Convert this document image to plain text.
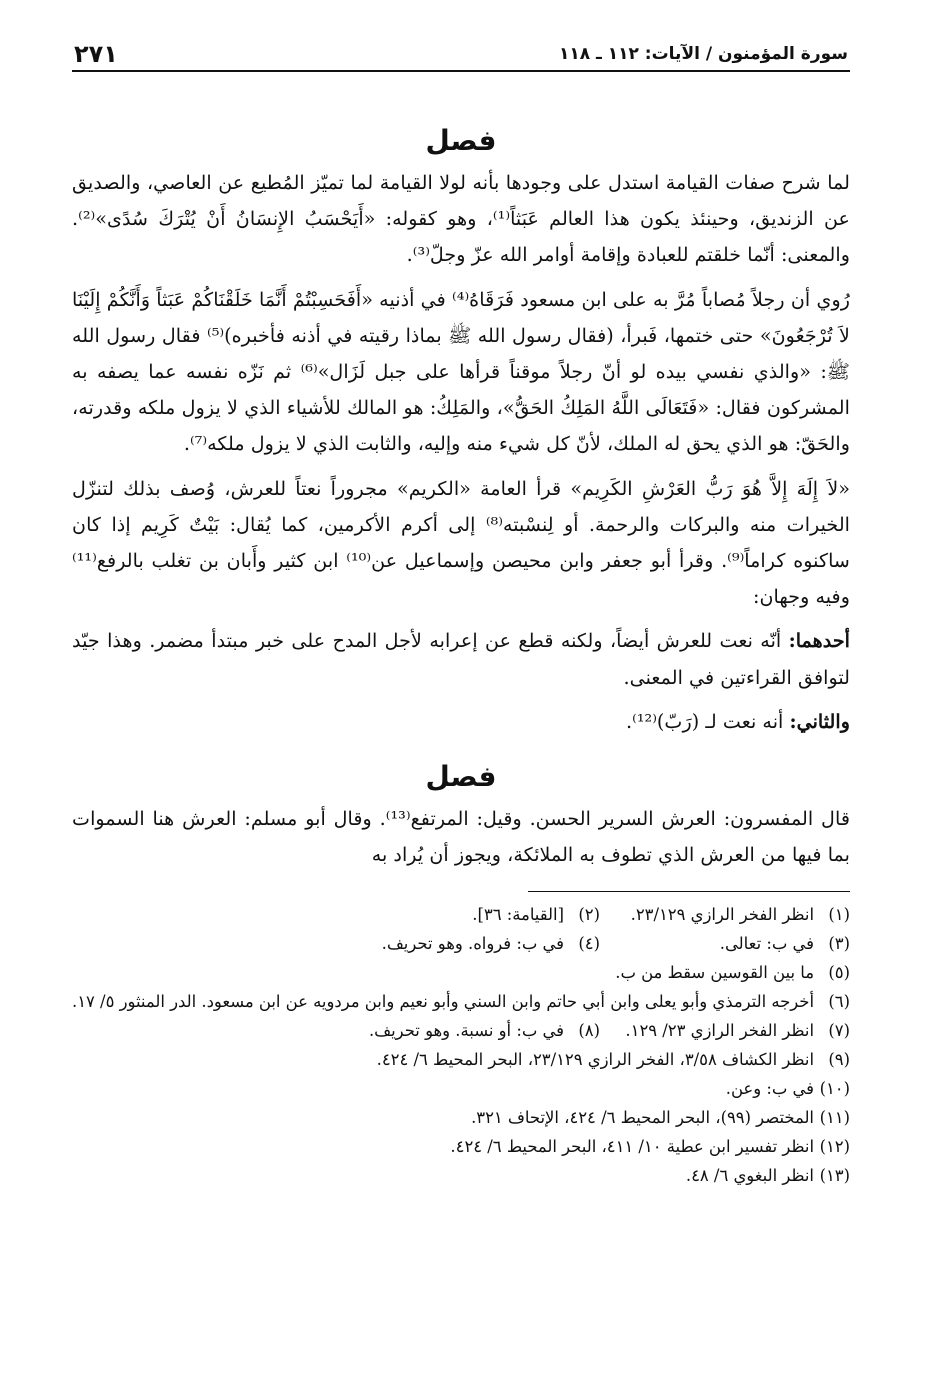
سورة المؤمنون / الآيات: ١١٢ ـ ١١٨
٢٧١
فصل

لما شرح صفات القيامة استدل على وجودها بأنه لولا القيامة لما تميّز المُطيع عن العاصي، والصديق عن الزنديق، وحينئذ يكون هذا العالم عَبَثاً⁽¹⁾، وهو كقوله: «أَيَحْسَبُ الإِنسَانُ أَنْ يُتْرَكَ سُدًى»⁽²⁾. والمعنى: أنّما خلقتم للعبادة وإقامة أوامر الله عزّ وجلّ⁽³⁾.

رُوي أن رجلاً مُصاباً مُرَّ به على ابن مسعود فَرَقَاهُ⁽⁴⁾ في أذنيه «أَفَحَسِبْتُمْ أَنَّمَا خَلَقْنَاكُمْ عَبَثاً وَأَنَّكُمْ إِلَيْنَا لاَ تُرْجَعُونَ» حتى ختمها، فَبرأ، (فقال رسول الله ﷺ بماذا رقيته في أذنه فأخبره)⁽⁵⁾ فقال رسول الله ﷺ: «والذي نفسي بيده لو أنّ رجلاً موقناً قرأها على جبل لَزَال»⁽⁶⁾ ثم نَزّه نفسه عما يصفه به المشركون فقال: «فَتَعَالَى اللَّهُ المَلِكُ الحَقُّ»، والمَلِكُ: هو المالك للأشياء الذي لا يزول ملكه وقدرته، والحَقّ: هو الذي يحق له الملك، لأنّ كل شيء منه وإليه، والثابت الذي لا يزول ملكه⁽⁷⁾.

«لاَ إِلَهَ إِلاَّ هُوَ رَبُّ العَرْشِ الكَرِيم» قرأ العامة «الكريم» مجروراً نعتاً للعرش، وُصف بذلك لتنزّل الخيرات منه والبركات والرحمة. أو لِنسْبته⁽⁸⁾ إلى أكرم الأكرمين، كما يُقال: بَيْتٌ كَرِيم إذا كان ساكنوه كراماً⁽⁹⁾. وقرأ أبو جعفر وابن محيصن وإسماعيل عن⁽¹⁰⁾ ابن كثير وأَبان بن تغلب بالرفع⁽¹¹⁾ وفيه وجهان:

أحدهما: أنّه نعت للعرش أيضاً، ولكنه قطع عن إعرابه لأجل المدح على خبر مبتدأ مضمر. وهذا جيّد لتوافق القراءتين في المعنى.

والثاني: أنه نعت لـ (رَبّ)⁽¹²⁾.

فصل

قال المفسرون: العرش السرير الحسن. وقيل: المرتفع⁽¹³⁾. وقال أبو مسلم: العرش هنا السموات بما فيها من العرش الذي تطوف به الملائكة، ويجوز أن يُراد به

(١)
انظر الفخر الرازي ٢٣/١٢٩.
(٢)
[القيامة: ٣٦].
(٣)
في ب: تعالى.
(٤)
في ب: فرواه. وهو تحريف.
(٥)
ما بين القوسين سقط من ب.
(٦)
أخرجه الترمذي وأبو يعلى وابن أبي حاتم وابن السني وأبو نعيم وابن مردويه عن ابن مسعود. الدر المنثور ٥/ ١٧.
(٧)
انظر الفخر الرازي ٢٣/ ١٢٩.
(٨)
في ب: أو نسبة. وهو تحريف.
(٩)
انظر الكشاف ٣/٥٨، الفخر الرازي ٢٣/١٢٩، البحر المحيط ٦/ ٤٢٤.
(١٠)
في ب: وعن.
(١١)
المختصر (٩٩)، البحر المحيط ٦/ ٤٢٤، الإتحاف ٣٢١.
(١٢)
انظر تفسير ابن عطية ١٠/ ٤١١، البحر المحيط ٦/ ٤٢٤.
(١٣)
انظر البغوي ٦/ ٤٨.
